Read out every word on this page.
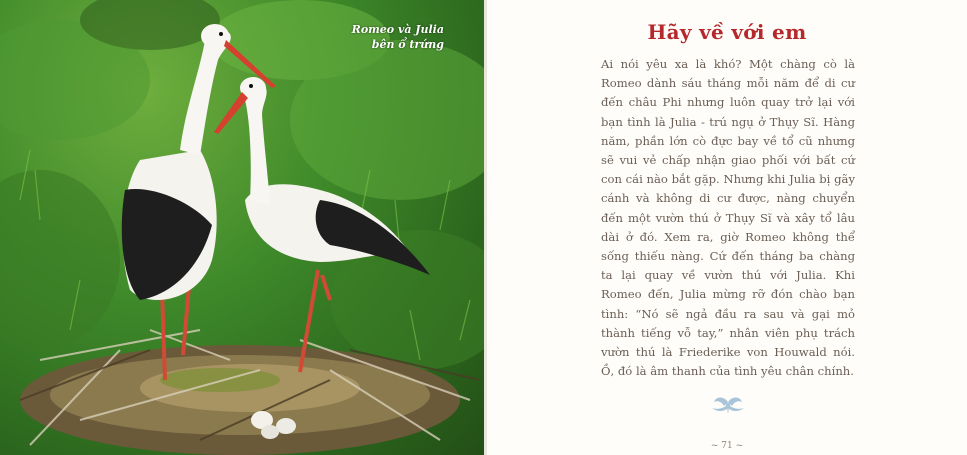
Romeo và Julia
bên ổ trứng
Hãy về với em
Ai nói yêu xa là khó? Một chàng cò là Romeo dành sáu tháng mỗi năm để di cư đến châu Phi nhưng luôn quay trở lại với bạn tình là Julia - trú ngụ ở Thụy Sĩ. Hàng năm, phần lớn cò đực bay về tổ cũ nhưng sẽ vui vẻ chấp nhận giao phối với bất cứ con cái nào bắt gặp. Nhưng khi Julia bị gãy cánh và không di cư được, nàng chuyển đến một vườn thú ở Thụy Sĩ và xây tổ lâu dài ở đó. Xem ra, giờ Romeo không thể sống thiếu nàng. Cứ đến tháng ba chàng ta lại quay về vườn thú với Julia. Khi Romeo đến, Julia mừng rỡ đón chào bạn tình: “Nó sẽ ngả đầu ra sau và gại mỏ thành tiếng vỗ tay,” nhân viên phụ trách vườn thú là Friederike von Houwald nói. Ồ, đó là âm thanh của tình yêu chân chính.
~ 71 ~
